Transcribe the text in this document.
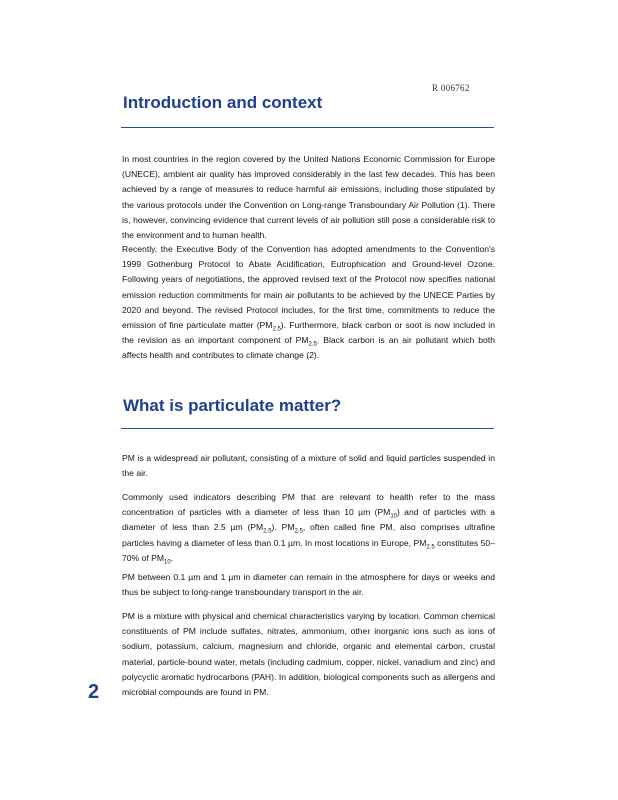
R 006762
Introduction and context

In most countries in the region covered by the United Nations Economic Commission for Europe (UNECE), ambient air quality has improved considerably in the last few decades. This has been achieved by a range of measures to reduce harmful air emissions, including those stipulated by the various protocols under the Convention on Long-range Transboundary Air Pollution (1). There is, however, convincing evidence that current levels of air pollution still pose a considerable risk to the environment and to human health.

Recently, the Executive Body of the Convention has adopted amendments to the Convention's 1999 Gothenburg Protocol to Abate Acidification, Eutrophication and Ground-level Ozone. Following years of negotiations, the approved revised text of the Protocol now specifies national emission reduction commitments for main air pollutants to be achieved by the UNECE Parties by 2020 and beyond. The revised Protocol includes, for the first time, commitments to reduce the emission of fine particulate matter $(PM_{2.5})$. Furthermore, black carbon or soot is now included in the revision as an important component of $PM_{2.5}$. Black carbon is an air pollutant which both affects health and contributes to climate change (2).

What is particulate matter?

PM is a widespread air pollutant, consisting of a mixture of solid and liquid particles suspended in the air.

Commonly used indicators describing PM that are relevant to health refer to the mass concentration of particles with a diameter of less than 10 µm $(PM_{10})$ and of particles with a diameter of less than 2.5 µm $(PM_{2.5})$. $PM_{2.5}$, often called fine PM, also comprises ultrafine particles having a diameter of less than 0.1 µm. In most locations in Europe, $PM_{2.5}$ constitutes 50–70% of $PM_{10}$.

PM between 0.1 µm and 1 µm in diameter can remain in the atmosphere for days or weeks and thus be subject to long-range transboundary transport in the air.

PM is a mixture with physical and chemical characteristics varying by location. Common chemical constituents of PM include sulfates, nitrates, ammonium, other inorganic ions such as ions of sodium, potassium, calcium, magnesium and chloride, organic and elemental carbon, crustal material, particle-bound water, metals (including cadmium, copper, nickel, vanadium and zinc) and polycyclic aromatic hydrocarbons (PAH). In addition, biological components such as allergens and microbial compounds are found in PM.

2
